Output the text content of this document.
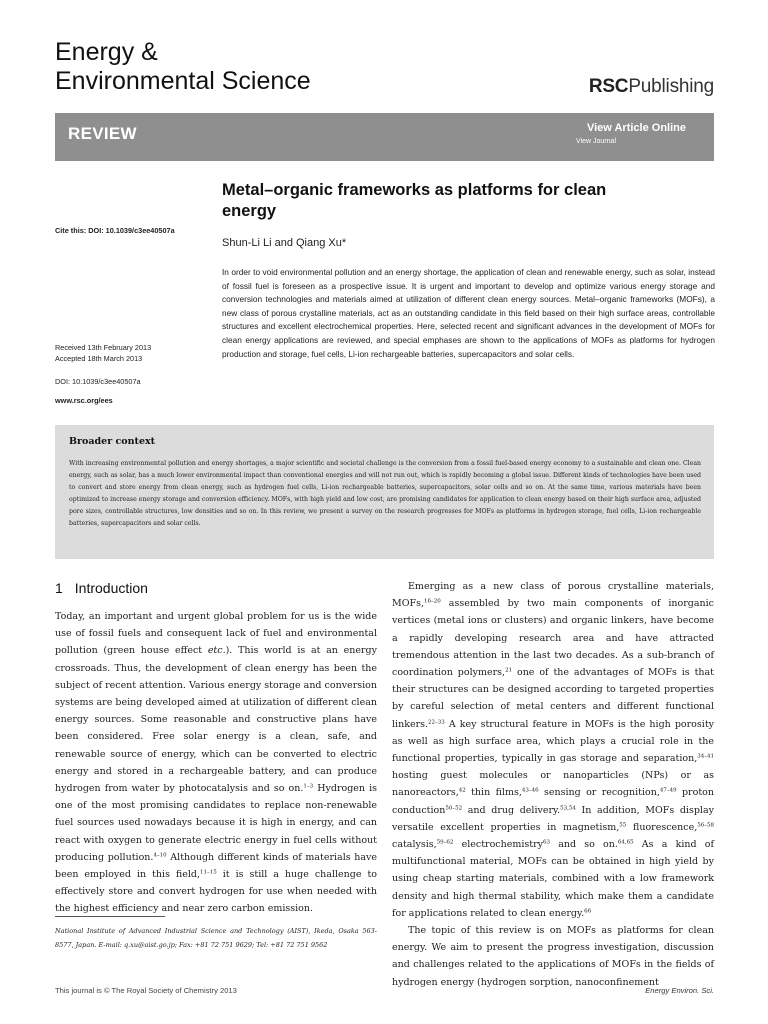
Energy &
Environmental Science	RSCPublishing
REVIEW	View Article Online
View Journal
Cite this: DOI: 10.1039/c3ee40507a
Metal–organic frameworks as platforms for clean
energy
Shun-Li Li and Qiang Xu*
In order to void environmental pollution and an energy shortage, the application of clean and renewable energy, such as solar, instead of fossil fuel is foreseen as a prospective issue. It is urgent and important to develop and optimize various energy storage and conversion technologies and materials aimed at utilization of different clean energy sources. Metal–organic frameworks (MOFs), a new class of porous crystalline materials, act as an outstanding candidate in this field based on their high surface areas, controllable structures and excellent electrochemical properties. Here, selected recent and significant advances in the development of MOFs for clean energy applications are reviewed, and special emphases are shown to the applications of MOFs as platforms for hydrogen production and storage, fuel cells, Li-ion rechargeable batteries, supercapacitors and solar cells.
Received 13th February 2013
Accepted 18th March 2013
DOI: 10.1039/c3ee40507a
www.rsc.org/ees
Broader context
With increasing environmental pollution and energy shortages, a major scientific and societal challenge is the conversion from a fossil fuel-based energy economy to a sustainable and clean one. Clean energy, such as solar, has a much lower environmental impact than conventional energies and will not run out, which is rapidly becoming a global issue. Different kinds of technologies have been used to convert and store energy from clean energy, such as hydrogen fuel cells, Li-ion rechargeable batteries, supercapacitors, solar cells and so on. At the same time, various materials have been optimized to increase energy storage and conversion efficiency. MOFs, with high yield and low cost, are promising candidates for application to clean energy based on their high surface area, adjusted pore sizes, controllable structures, low densities and so on. In this review, we present a survey on the research progresses for MOFs as platforms in hydrogen storage, fuel cells, Li-ion rechargeable batteries, supercapacitors and solar cells.
1 Introduction

Today, an important and urgent global problem for us is the wide use of fossil fuels and consequent lack of fuel and environmental pollution (green house effect etc.). This world is at an energy crossroads. Thus, the development of clean energy has been the subject of recent attention. Various energy storage and conversion systems are being developed aimed at utilization of different clean energy sources. Some reasonable and constructive plans have been considered. Free solar energy is a clean, safe, and renewable source of energy, which can be converted to electric energy and stored in a rechargeable battery, and can produce hydrogen from water by photocatalysis and so on.$^{1-3}$ Hydrogen is one of the most promising candidates to replace non-renewable fuel sources used nowadays because it is high in energy, and can react with oxygen to generate electric energy in fuel cells without producing pollution.$^{4-10}$ Although different kinds of materials have been employed in this field,$^{11-15}$ it is still a huge challenge to effectively store and convert hydrogen for use when needed with the highest efficiency and near zero carbon emission.

Emerging as a new class of porous crystalline materials, MOFs,$^{16-20}$ assembled by two main components of inorganic vertices (metal ions or clusters) and organic linkers, have become a rapidly developing research area and have attracted tremendous attention in the last two decades. As a sub-branch of coordination polymers,$^{21}$ one of the advantages of MOFs is that their structures can be designed according to targeted properties by careful selection of metal centers and different functional linkers.$^{22-33}$ A key structural feature in MOFs is the high porosity as well as high surface area, which plays a crucial role in the functional properties, typically in gas storage and separation,$^{34-41}$ hosting guest molecules or nanoparticles (NPs) or as nanoreactors,$^{42}$ thin films,$^{43-46}$ sensing or recognition,$^{47-49}$ proton conduction$^{50-52}$ and drug delivery.$^{53,54}$ In addition, MOFs display versatile excellent properties in magnetism,$^{55}$ fluorescence,$^{56-58}$ catalysis,$^{59-62}$ electrochemistry$^{63}$ and so on.$^{64,65}$ As a kind of multifunctional material, MOFs can be obtained in high yield by using cheap starting materials, combined with a low framework density and high thermal stability, which make them a candidate for applications related to clean energy.$^{66}$

The topic of this review is on MOFs as platforms for clean energy. We aim to present the progress investigation, discussion and challenges related to the applications of MOFs in the fields of hydrogen energy (hydrogen sorption, nanoconfinement

National Institute of Advanced Industrial Science and Technology (AIST), Ikeda, Osaka 563-8577, Japan. E-mail: q.xu@aist.go.jp; Fax: +81 72 751 9629; Tel: +81 72 751 9562
This journal is © The Royal Society of Chemistry 2013	Energy Environ. Sci.
